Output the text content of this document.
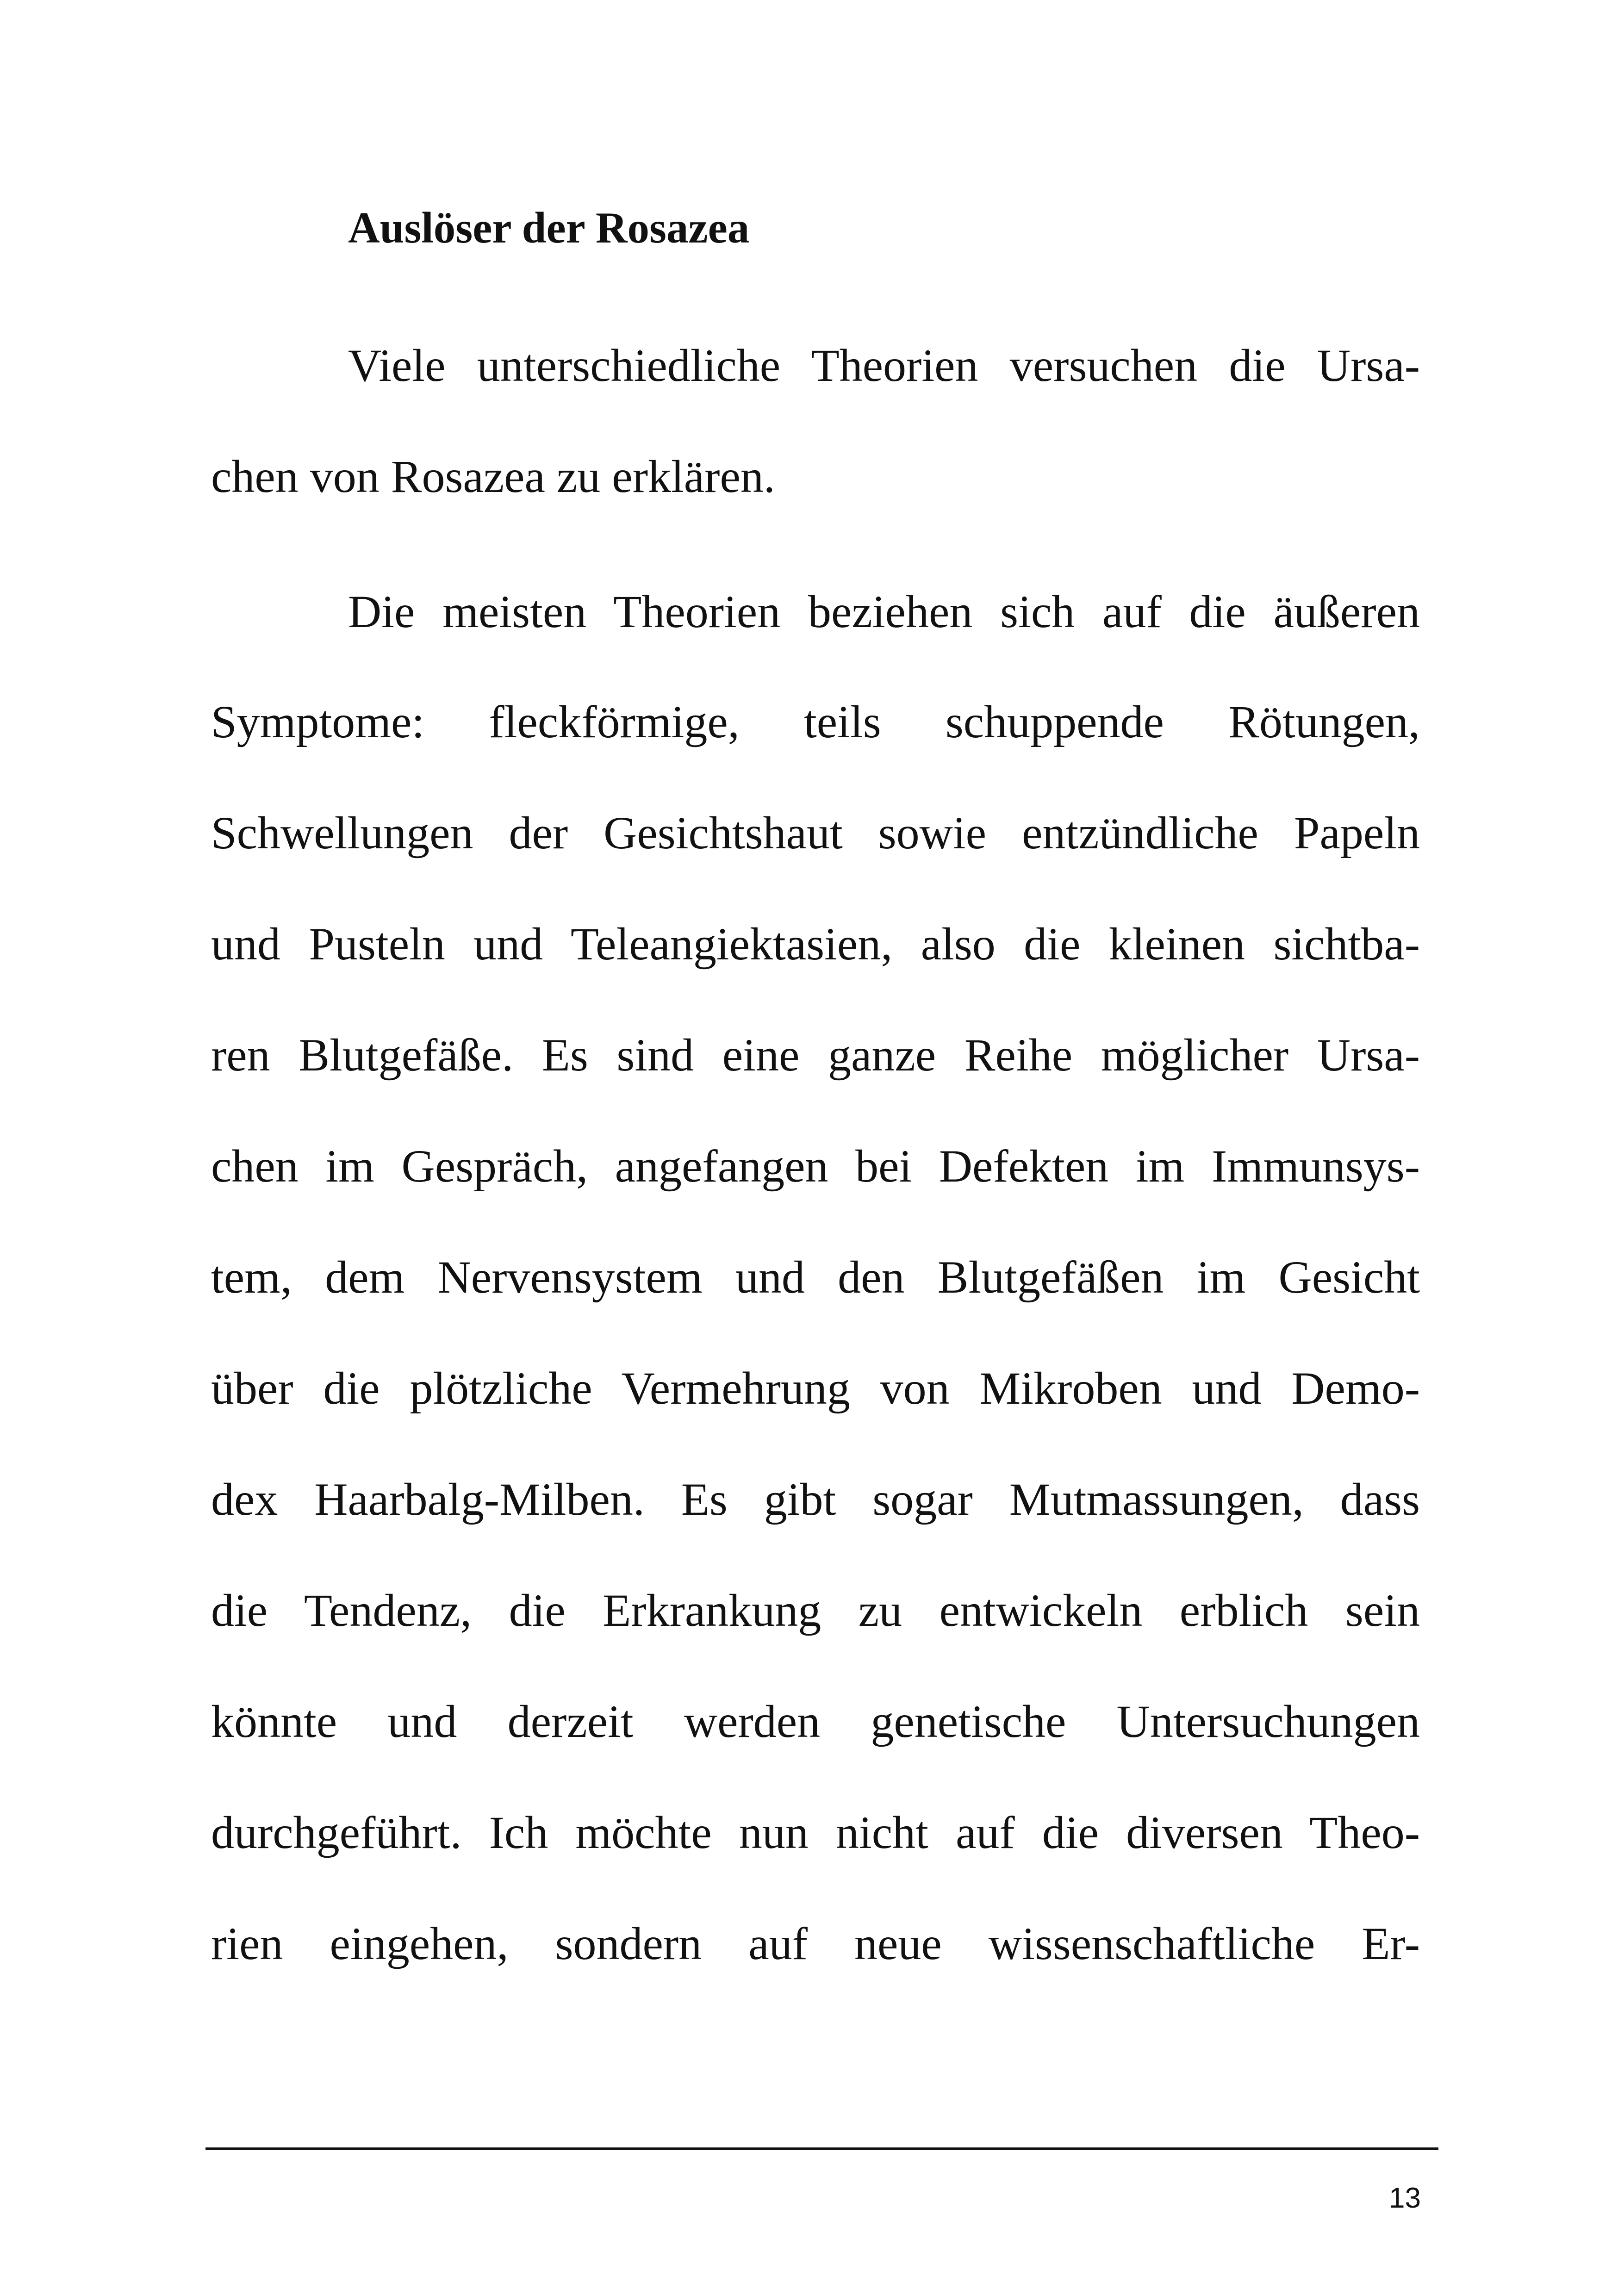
Auslöser der Rosazea
Viele unterschiedliche Theorien versuchen die Ursa-
chen von Rosazea zu erklären.
Die meisten Theorien beziehen sich auf die äußeren
Symptome: fleckförmige, teils schuppende Rötungen,
Schwellungen der Gesichtshaut sowie entzündliche Papeln
und Pusteln und Teleangiektasien, also die kleinen sichtba-
ren Blutgefäße. Es sind eine ganze Reihe möglicher Ursa-
chen im Gespräch, angefangen bei Defekten im Immunsys-
tem, dem Nervensystem und den Blutgefäßen im Gesicht
über die plötzliche Vermehrung von Mikroben und Demo-
dex Haarbalg-Milben. Es gibt sogar Mutmassungen, dass
die Tendenz, die Erkrankung zu entwickeln erblich sein
könnte und derzeit werden genetische Untersuchungen
durchgeführt. Ich möchte nun nicht auf die diversen Theo-
rien eingehen, sondern auf neue wissenschaftliche Er-
13
